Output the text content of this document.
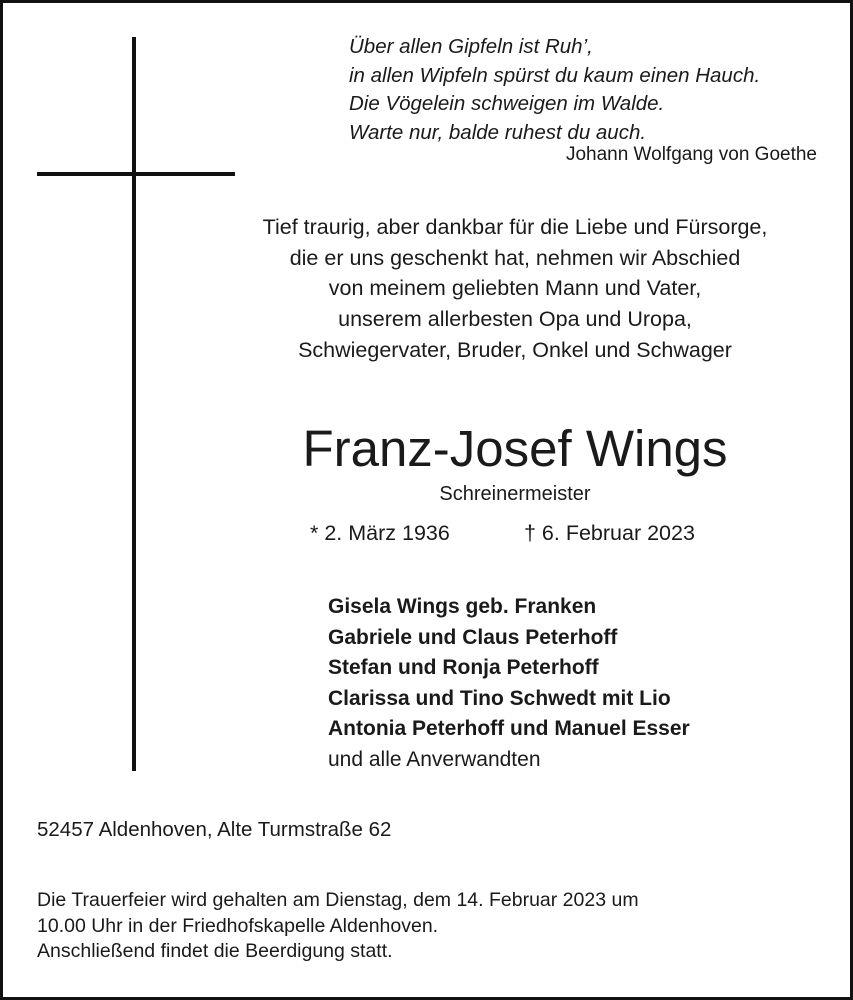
Über allen Gipfeln ist Ruh’,
in allen Wipfeln spürst du kaum einen Hauch.
Die Vögelein schweigen im Walde.
Warte nur, balde ruhest du auch.
Johann Wolfgang von Goethe
Tief traurig, aber dankbar für die Liebe und Fürsorge,
die er uns geschenkt hat, nehmen wir Abschied
von meinem geliebten Mann und Vater,
unserem allerbesten Opa und Uropa,
Schwiegervater, Bruder, Onkel und Schwager
Franz-Josef Wings
Schreinermeister
* 2. März 1936	† 6. Februar 2023
Gisela Wings geb. Franken
Gabriele und Claus Peterhoff
Stefan und Ronja Peterhoff
Clarissa und Tino Schwedt mit Lio
Antonia Peterhoff und Manuel Esser
und alle Anverwandten
52457 Aldenhoven, Alte Turmstraße 62
Die Trauerfeier wird gehalten am Dienstag, dem 14. Februar 2023 um
10.00 Uhr in der Friedhofskapelle Aldenhoven.
Anschließend findet die Beerdigung statt.
